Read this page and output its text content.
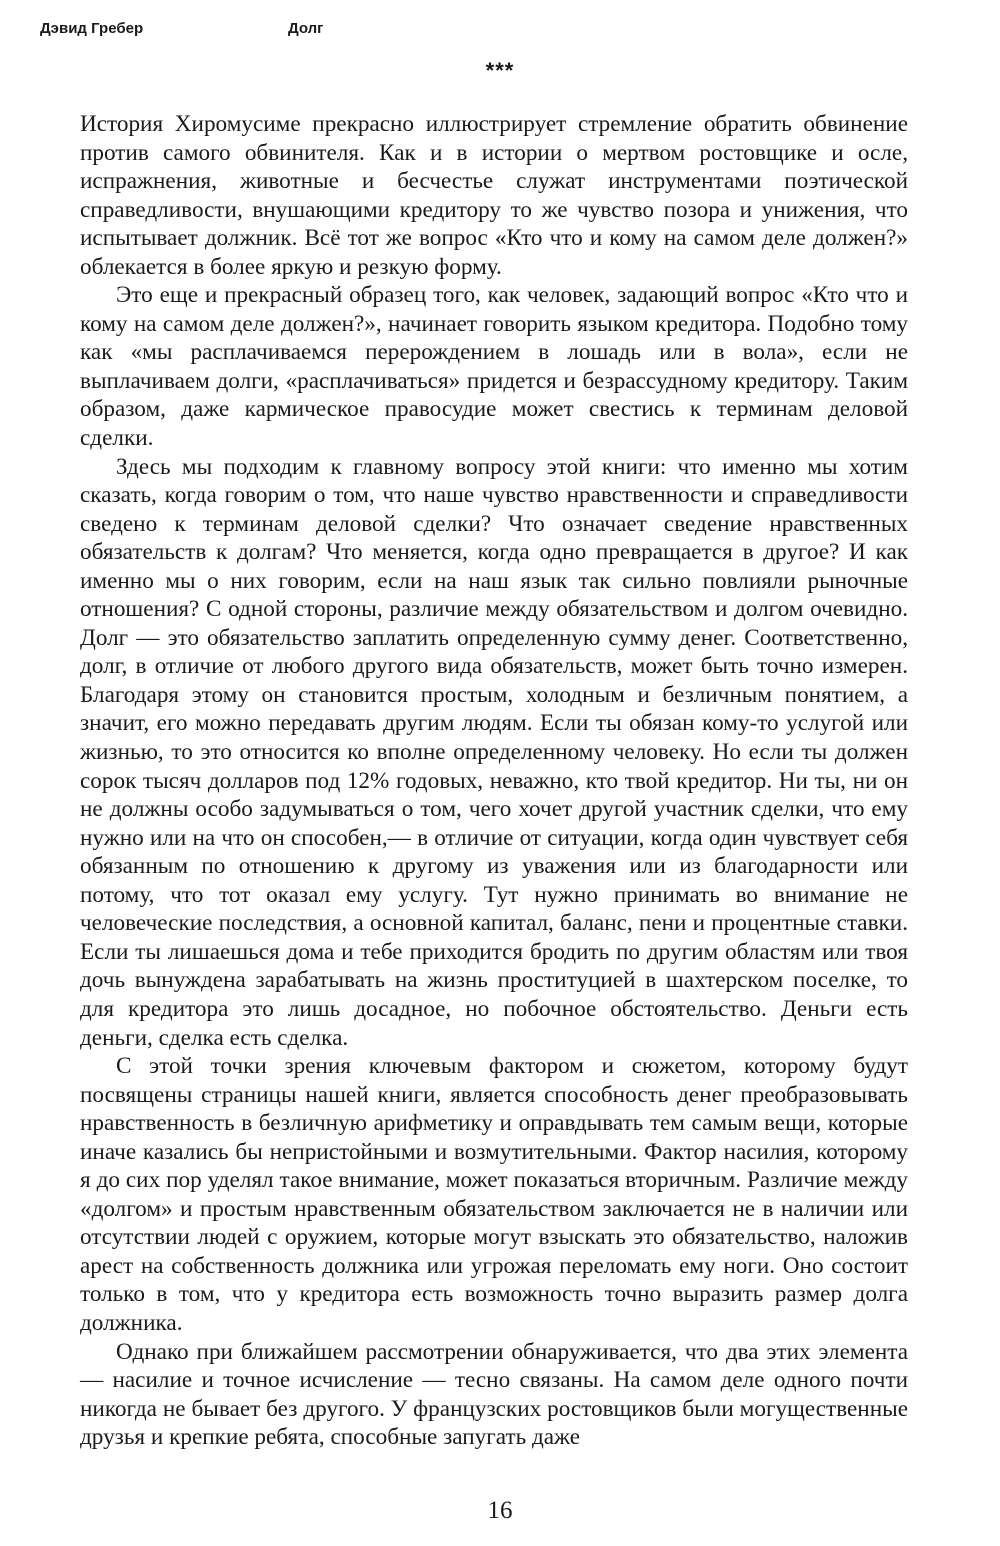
Дэвид Гребер	Долг
***

История Хиромусиме прекрасно иллюстрирует стремление обратить обвинение против самого обвинителя. Как и в истории о мертвом ростовщике и осле, испражнения, животные и бесчестье служат инструментами поэтической справедливости, внушающими кредитору то же чувство позора и унижения, что испытывает должник. Всё тот же вопрос «Кто что и кому на самом деле должен?» облекается в более яркую и резкую форму.

Это еще и прекрасный образец того, как человек, задающий вопрос «Кто что и кому на самом деле должен?», начинает говорить языком кредитора. Подобно тому как «мы расплачиваемся перерождением в лошадь или в вола», если не выплачиваем долги, «расплачиваться» придется и безрассудному кредитору. Таким образом, даже кармическое правосудие может свестись к терминам деловой сделки.

Здесь мы подходим к главному вопросу этой книги: что именно мы хотим сказать, когда говорим о том, что наше чувство нравственности и справедливости сведено к терминам деловой сделки? Что означает сведение нравственных обязательств к долгам? Что меняется, когда одно превращается в другое? И как именно мы о них говорим, если на наш язык так сильно повлияли рыночные отношения? С одной стороны, различие между обязательством и долгом очевидно. Долг — это обязательство заплатить определенную сумму денег. Соответственно, долг, в отличие от любого другого вида обязательств, может быть точно измерен. Благодаря этому он становится простым, холодным и безличным понятием, а значит, его можно передавать другим людям. Если ты обязан кому-то услугой или жизнью, то это относится ко вполне определенному человеку. Но если ты должен сорок тысяч долларов под 12% годовых, неважно, кто твой кредитор. Ни ты, ни он не должны особо задумываться о том, чего хочет другой участник сделки, что ему нужно или на что он способен,— в отличие от ситуации, когда один чувствует себя обязанным по отношению к другому из уважения или из благодарности или потому, что тот оказал ему услугу. Тут нужно принимать во внимание не человеческие последствия, а основной капитал, баланс, пени и процентные ставки. Если ты лишаешься дома и тебе приходится бродить по другим областям или твоя дочь вынуждена зарабатывать на жизнь проституцией в шахтерском поселке, то для кредитора это лишь досадное, но побочное обстоятельство. Деньги есть деньги, сделка есть сделка.

С этой точки зрения ключевым фактором и сюжетом, которому будут посвящены страницы нашей книги, является способность денег преобразовывать нравственность в безличную арифметику и оправдывать тем самым вещи, которые иначе казались бы непристойными и возмутительными. Фактор насилия, которому я до сих пор уделял такое внимание, может показаться вторичным. Различие между «долгом» и простым нравственным обязательством заключается не в наличии или отсутствии людей с оружием, которые могут взыскать это обязательство, наложив арест на собственность должника или угрожая переломать ему ноги. Оно состоит только в том, что у кредитора есть возможность точно выразить размер долга должника.

Однако при ближайшем рассмотрении обнаруживается, что два этих элемента — насилие и точное исчисление — тесно связаны. На самом деле одного почти никогда не бывает без другого. У французских ростовщиков были могущественные друзья и крепкие ребята, способные запугать даже

16
